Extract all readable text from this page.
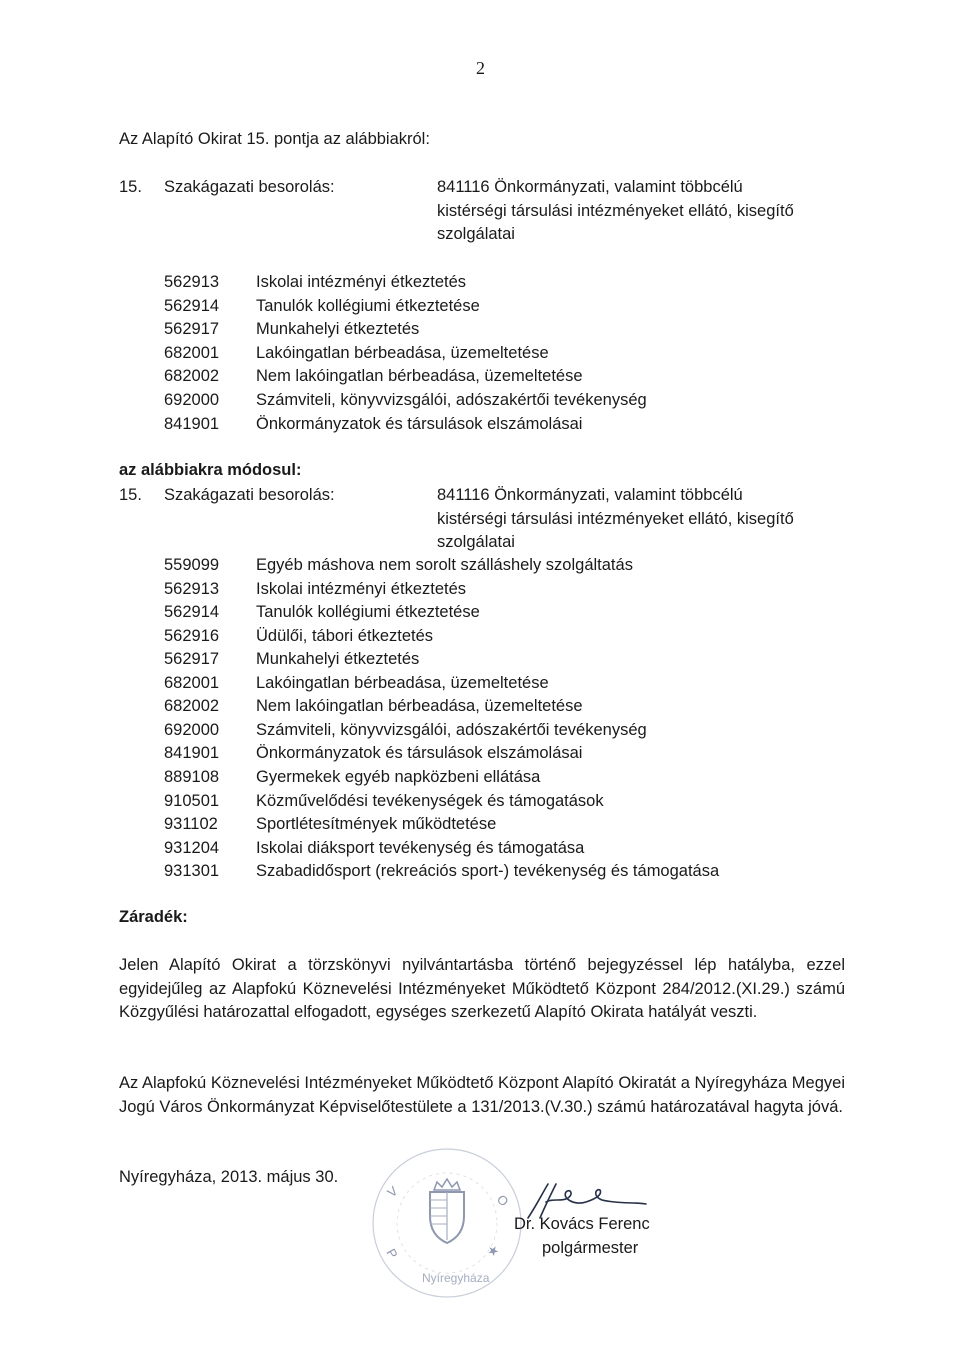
2
Az Alapító Okirat 15. pontja az alábbiakról:
15. Szakágazati besorolás:	841116 Önkormányzati, valamint többcélú
kistérségi társulási intézményeket ellátó, kisegítő
szolgálatai
562913 Iskolai intézményi étkeztetés
562914 Tanulók kollégiumi étkeztetése
562917 Munkahelyi étkeztetés
682001 Lakóingatlan bérbeadása, üzemeltetése
682002 Nem lakóingatlan bérbeadása, üzemeltetése
692000 Számviteli, könyvvizsgálói, adószakértői tevékenység
841901 Önkormányzatok és társulások elszámolásai
az alábbiakra módosul:
15. Szakágazati besorolás:	841116 Önkormányzati, valamint többcélú
kistérségi társulási intézményeket ellátó, kisegítő
szolgálatai
559099 Egyéb máshova nem sorolt szálláshely szolgáltatás
562913 Iskolai intézményi étkeztetés
562914 Tanulók kollégiumi étkeztetése
562916 Üdülői, tábori étkeztetés
562917 Munkahelyi étkeztetés
682001 Lakóingatlan bérbeadása, üzemeltetése
682002 Nem lakóingatlan bérbeadása, üzemeltetése
692000 Számviteli, könyvvizsgálói, adószakértői tevékenység
841901 Önkormányzatok és társulások elszámolásai
889108 Gyermekek egyéb napközbeni ellátása
910501 Közművelődési tevékenységek és támogatások
931102 Sportlétesítmények működtetése
931204 Iskolai diáksport tevékenység és támogatása
931301 Szabadidősport (rekreációs sport-) tevékenység és támogatása
Záradék:
Jelen Alapító Okirat a törzskönyvi nyilvántartásba történő bejegyzéssel lép hatályba, ezzel egyidejűleg az Alapfokú Köznevelési Intézményeket Működtető Központ 284/2012.(XI.29.) számú Közgyűlési határozattal elfogadott, egységes szerkezetű Alapító Okirata hatályát veszti.
Az Alapfokú Köznevelési Intézményeket Működtető Központ Alapító Okiratát a Nyíregyháza Megyei Jogú Város Önkormányzat Képviselőtestülete a 131/2013.(V.30.) számú határozatával hagyta jóvá.
Nyíregyháza, 2013. május 30.
V	O
P	★
Nyíregyháza
Dr. Kovács Ferenc
polgármester
